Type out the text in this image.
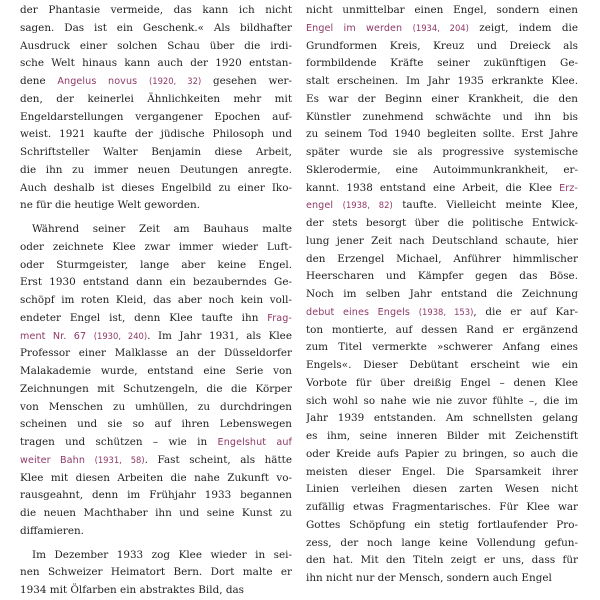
der Phantasie vermeide, das kann ich nicht
sagen. Das ist ein Geschenk.« Als bildhafter
Ausdruck einer solchen Schau über die irdi-
sche Welt hinaus kann auch der 1920 entstan-
dene Angelus novus (1920, 32) gesehen wer-
den, der keinerlei Ähnlichkeiten mehr mit
Engeldarstellungen vergangener Epochen auf-
weist. 1921 kaufte der jüdische Philosoph und
Schriftsteller Walter Benjamin diese Arbeit,
die ihn zu immer neuen Deutungen anregte.
Auch deshalb ist dieses Engelbild zu einer Iko-
ne für die heutige Welt geworden.
Während seiner Zeit am Bauhaus malte
oder zeichnete Klee zwar immer wieder Luft-
oder Sturmgeister, lange aber keine Engel.
Erst 1930 entstand dann ein bezauberndes Ge-
schöpf im roten Kleid, das aber noch kein voll-
endeter Engel ist, denn Klee taufte ihn Frag-
ment Nr. 67 (1930, 240). Im Jahr 1931, als Klee
Professor einer Malklasse an der Düsseldorfer
Malakademie wurde, entstand eine Serie von
Zeichnungen mit Schutzengeln, die die Körper
von Menschen zu umhüllen, zu durchdringen
scheinen und sie so auf ihren Lebenswegen
tragen und schützen – wie in Engelshut auf
weiter Bahn (1931, 58). Fast scheint, als hätte
Klee mit diesen Arbeiten die nahe Zukunft vo-
rausgeahnt, denn im Frühjahr 1933 begannen
die neuen Machthaber ihn und seine Kunst zu
diffamieren.
Im Dezember 1933 zog Klee wieder in sei-
nen Schweizer Heimatort Bern. Dort malte er
1934 mit Ölfarben ein abstraktes Bild, das
nicht unmittelbar einen Engel, sondern einen
Engel im werden (1934, 204) zeigt, indem die
Grundformen Kreis, Kreuz und Dreieck als
formbildende Kräfte seiner zukünftigen Ge-
stalt erscheinen. Im Jahr 1935 erkrankte Klee.
Es war der Beginn einer Krankheit, die den
Künstler zunehmend schwächte und ihn bis
zu seinem Tod 1940 begleiten sollte. Erst Jahre
später wurde sie als progressive systemische
Sklerodermie, eine Autoimmunkrankheit, er-
kannt. 1938 entstand eine Arbeit, die Klee Erz-
engel (1938, 82) taufte. Vielleicht meinte Klee,
der stets besorgt über die politische Entwick-
lung jener Zeit nach Deutschland schaute, hier
den Erzengel Michael, Anführer himmlischer
Heerscharen und Kämpfer gegen das Böse.
Noch im selben Jahr entstand die Zeichnung
debut eines Engels (1938, 153), die er auf Kar-
ton montierte, auf dessen Rand er ergänzend
zum Titel vermerkte »schwerer Anfang eines
Engels«. Dieser Debütant erscheint wie ein
Vorbote für über dreißig Engel – denen Klee
sich wohl so nahe wie nie zuvor fühlte –, die im
Jahr 1939 entstanden. Am schnellsten gelang
es ihm, seine inneren Bilder mit Zeichenstift
oder Kreide aufs Papier zu bringen, so auch die
meisten dieser Engel. Die Sparsamkeit ihrer
Linien verleihen diesen zarten Wesen nicht
zufällig etwas Fragmentarisches. Für Klee war
Gottes Schöpfung ein stetig fortlaufender Pro-
zess, der noch lange keine Vollendung gefun-
den hat. Mit den Titeln zeigt er uns, dass für
ihn nicht nur der Mensch, sondern auch Engel
